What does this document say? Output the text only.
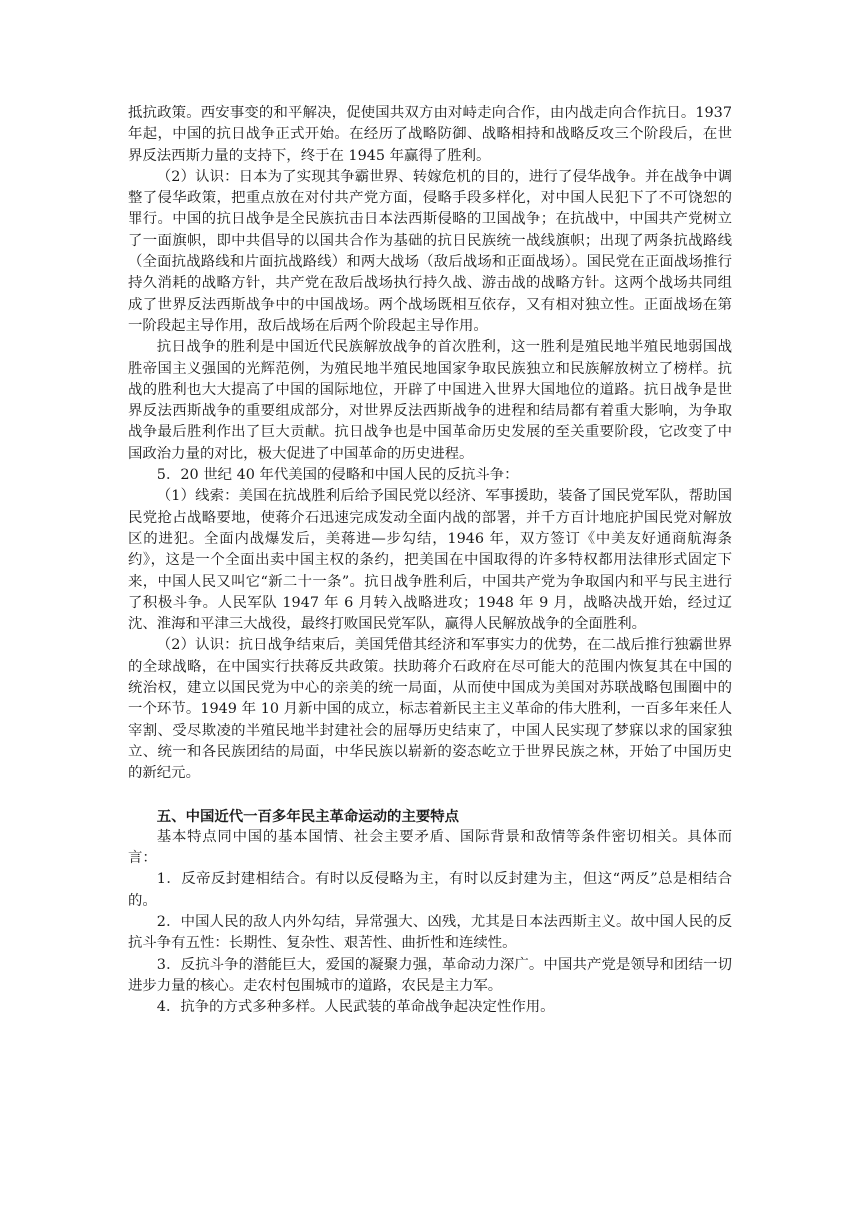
抵抗政策。西安事变的和平解决，促使国共双方由对峙走向合作，由内战走向合作抗日。1937年起，中国的抗日战争正式开始。在经历了战略防御、战略相持和战略反攻三个阶段后，在世界反法西斯力量的支持下，终于在 1945 年赢得了胜利。

（2）认识：日本为了实现其争霸世界、转嫁危机的目的，进行了侵华战争。并在战争中调整了侵华政策，把重点放在对付共产党方面，侵略手段多样化，对中国人民犯下了不可饶恕的罪行。中国的抗日战争是全民族抗击日本法西斯侵略的卫国战争；在抗战中，中国共产党树立了一面旗帜，即中共倡导的以国共合作为基础的抗日民族统一战线旗帜；出现了两条抗战路线（全面抗战路线和片面抗战路线）和两大战场（敌后战场和正面战场）。国民党在正面战场推行持久消耗的战略方针，共产党在敌后战场执行持久战、游击战的战略方针。这两个战场共同组成了世界反法西斯战争中的中国战场。两个战场既相互依存，又有相对独立性。正面战场在第一阶段起主导作用，敌后战场在后两个阶段起主导作用。

抗日战争的胜利是中国近代民族解放战争的首次胜利，这一胜利是殖民地半殖民地弱国战胜帝国主义强国的光辉范例，为殖民地半殖民地国家争取民族独立和民族解放树立了榜样。抗战的胜利也大大提高了中国的国际地位，开辟了中国进入世界大国地位的道路。抗日战争是世界反法西斯战争的重要组成部分，对世界反法西斯战争的进程和结局都有着重大影响，为争取战争最后胜利作出了巨大贡献。抗日战争也是中国革命历史发展的至关重要阶段，它改变了中国政治力量的对比，极大促进了中国革命的历史进程。

5．20 世纪 40 年代美国的侵略和中国人民的反抗斗争：

（1）线索：美国在抗战胜利后给予国民党以经济、军事援助，装备了国民党军队，帮助国民党抢占战略要地，使蒋介石迅速完成发动全面内战的部署，并千方百计地庇护国民党对解放区的进犯。全面内战爆发后，美蒋进—步勾结，1946 年，双方签订《中美友好通商航海条约》，这是一个全面出卖中国主权的条约，把美国在中国取得的许多特权都用法律形式固定下来，中国人民又叫它“新二十一条”。抗日战争胜利后，中国共产党为争取国内和平与民主进行了积极斗争。人民军队 1947 年 6 月转入战略进攻；1948 年 9 月，战略决战开始，经过辽沈、淮海和平津三大战役，最终打败国民党军队，赢得人民解放战争的全面胜利。

（2）认识：抗日战争结束后，美国凭借其经济和军事实力的优势，在二战后推行独霸世界的全球战略，在中国实行扶蒋反共政策。扶助蒋介石政府在尽可能大的范围内恢复其在中国的统治权，建立以国民党为中心的亲美的统一局面，从而使中国成为美国对苏联战略包围圈中的一个环节。1949 年 10 月新中国的成立，标志着新民主主义革命的伟大胜利，一百多年来任人宰割、受尽欺凌的半殖民地半封建社会的屈辱历史结束了，中国人民实现了梦寐以求的国家独立、统一和各民族团结的局面，中华民族以崭新的姿态屹立于世界民族之林，开始了中国历史的新纪元。

五、中国近代一百多年民主革命运动的主要特点

基本特点同中国的基本国情、社会主要矛盾、国际背景和敌情等条件密切相关。具体而言：

1．反帝反封建相结合。有时以反侵略为主，有时以反封建为主，但这“两反”总是相结合的。

2．中国人民的敌人内外勾结，异常强大、凶残，尤其是日本法西斯主义。故中国人民的反抗斗争有五性：长期性、复杂性、艰苦性、曲折性和连续性。

3．反抗斗争的潜能巨大，爱国的凝聚力强，革命动力深广。中国共产党是领导和团结一切进步力量的核心。走农村包围城市的道路，农民是主力军。

4．抗争的方式多种多样。人民武装的革命战争起决定性作用。
